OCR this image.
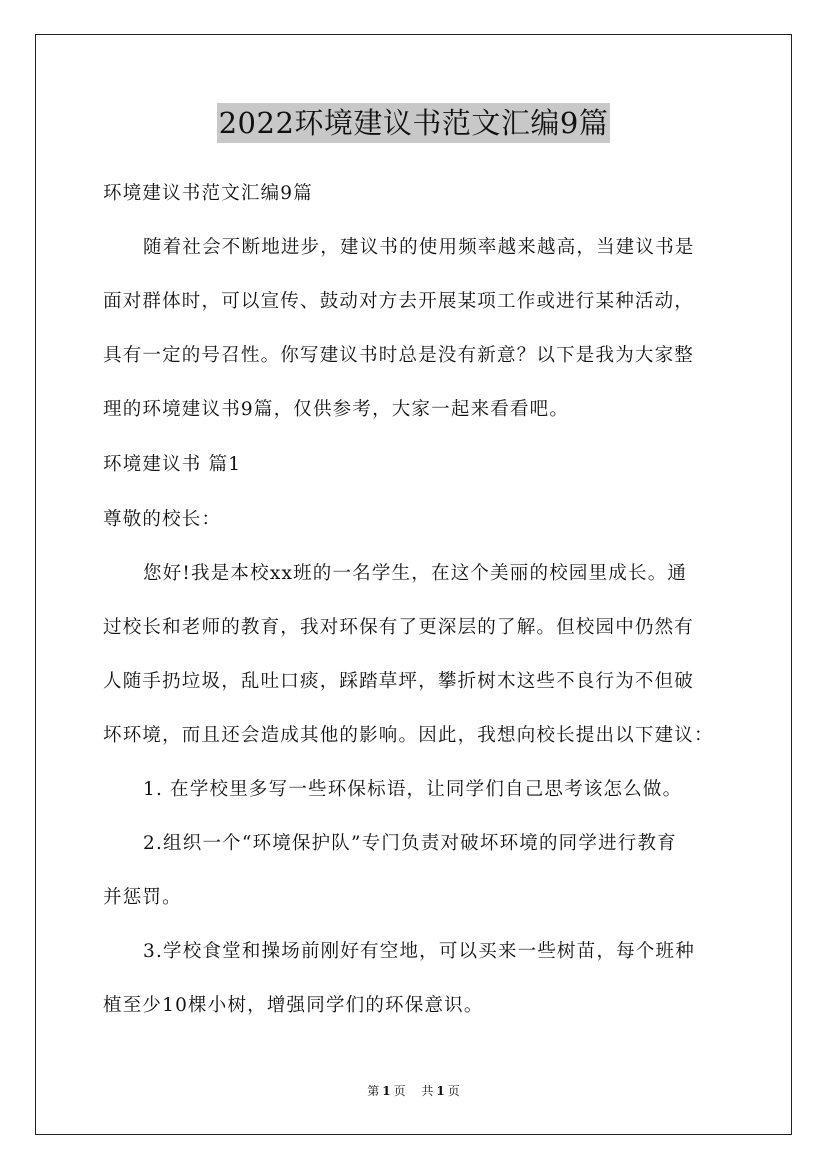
2022环境建议书范文汇编9篇
环境建议书范文汇编9篇
随着社会不断地进步，建议书的使用频率越来越高，当建议书是
面对群体时，可以宣传、鼓动对方去开展某项工作或进行某种活动，
具有一定的号召性。你写建议书时总是没有新意？以下是我为大家整
理的环境建议书9篇，仅供参考，大家一起来看看吧。
环境建议书 篇1
尊敬的校长：
您好!我是本校xx班的一名学生，在这个美丽的校园里成长。通
过校长和老师的教育，我对环保有了更深层的了解。但校园中仍然有
人随手扔垃圾，乱吐口痰，踩踏草坪，攀折树木这些不良行为不但破
坏环境，而且还会造成其他的影响。因此，我想向校长提出以下建议：
1. 在学校里多写一些环保标语，让同学们自己思考该怎么做。
2.组织一个“环境保护队”专门负责对破坏环境的同学进行教育
并惩罚。
3.学校食堂和操场前刚好有空地，可以买来一些树苗，每个班种
植至少10棵小树，增强同学们的环保意识。
第 1 页 共 1 页
